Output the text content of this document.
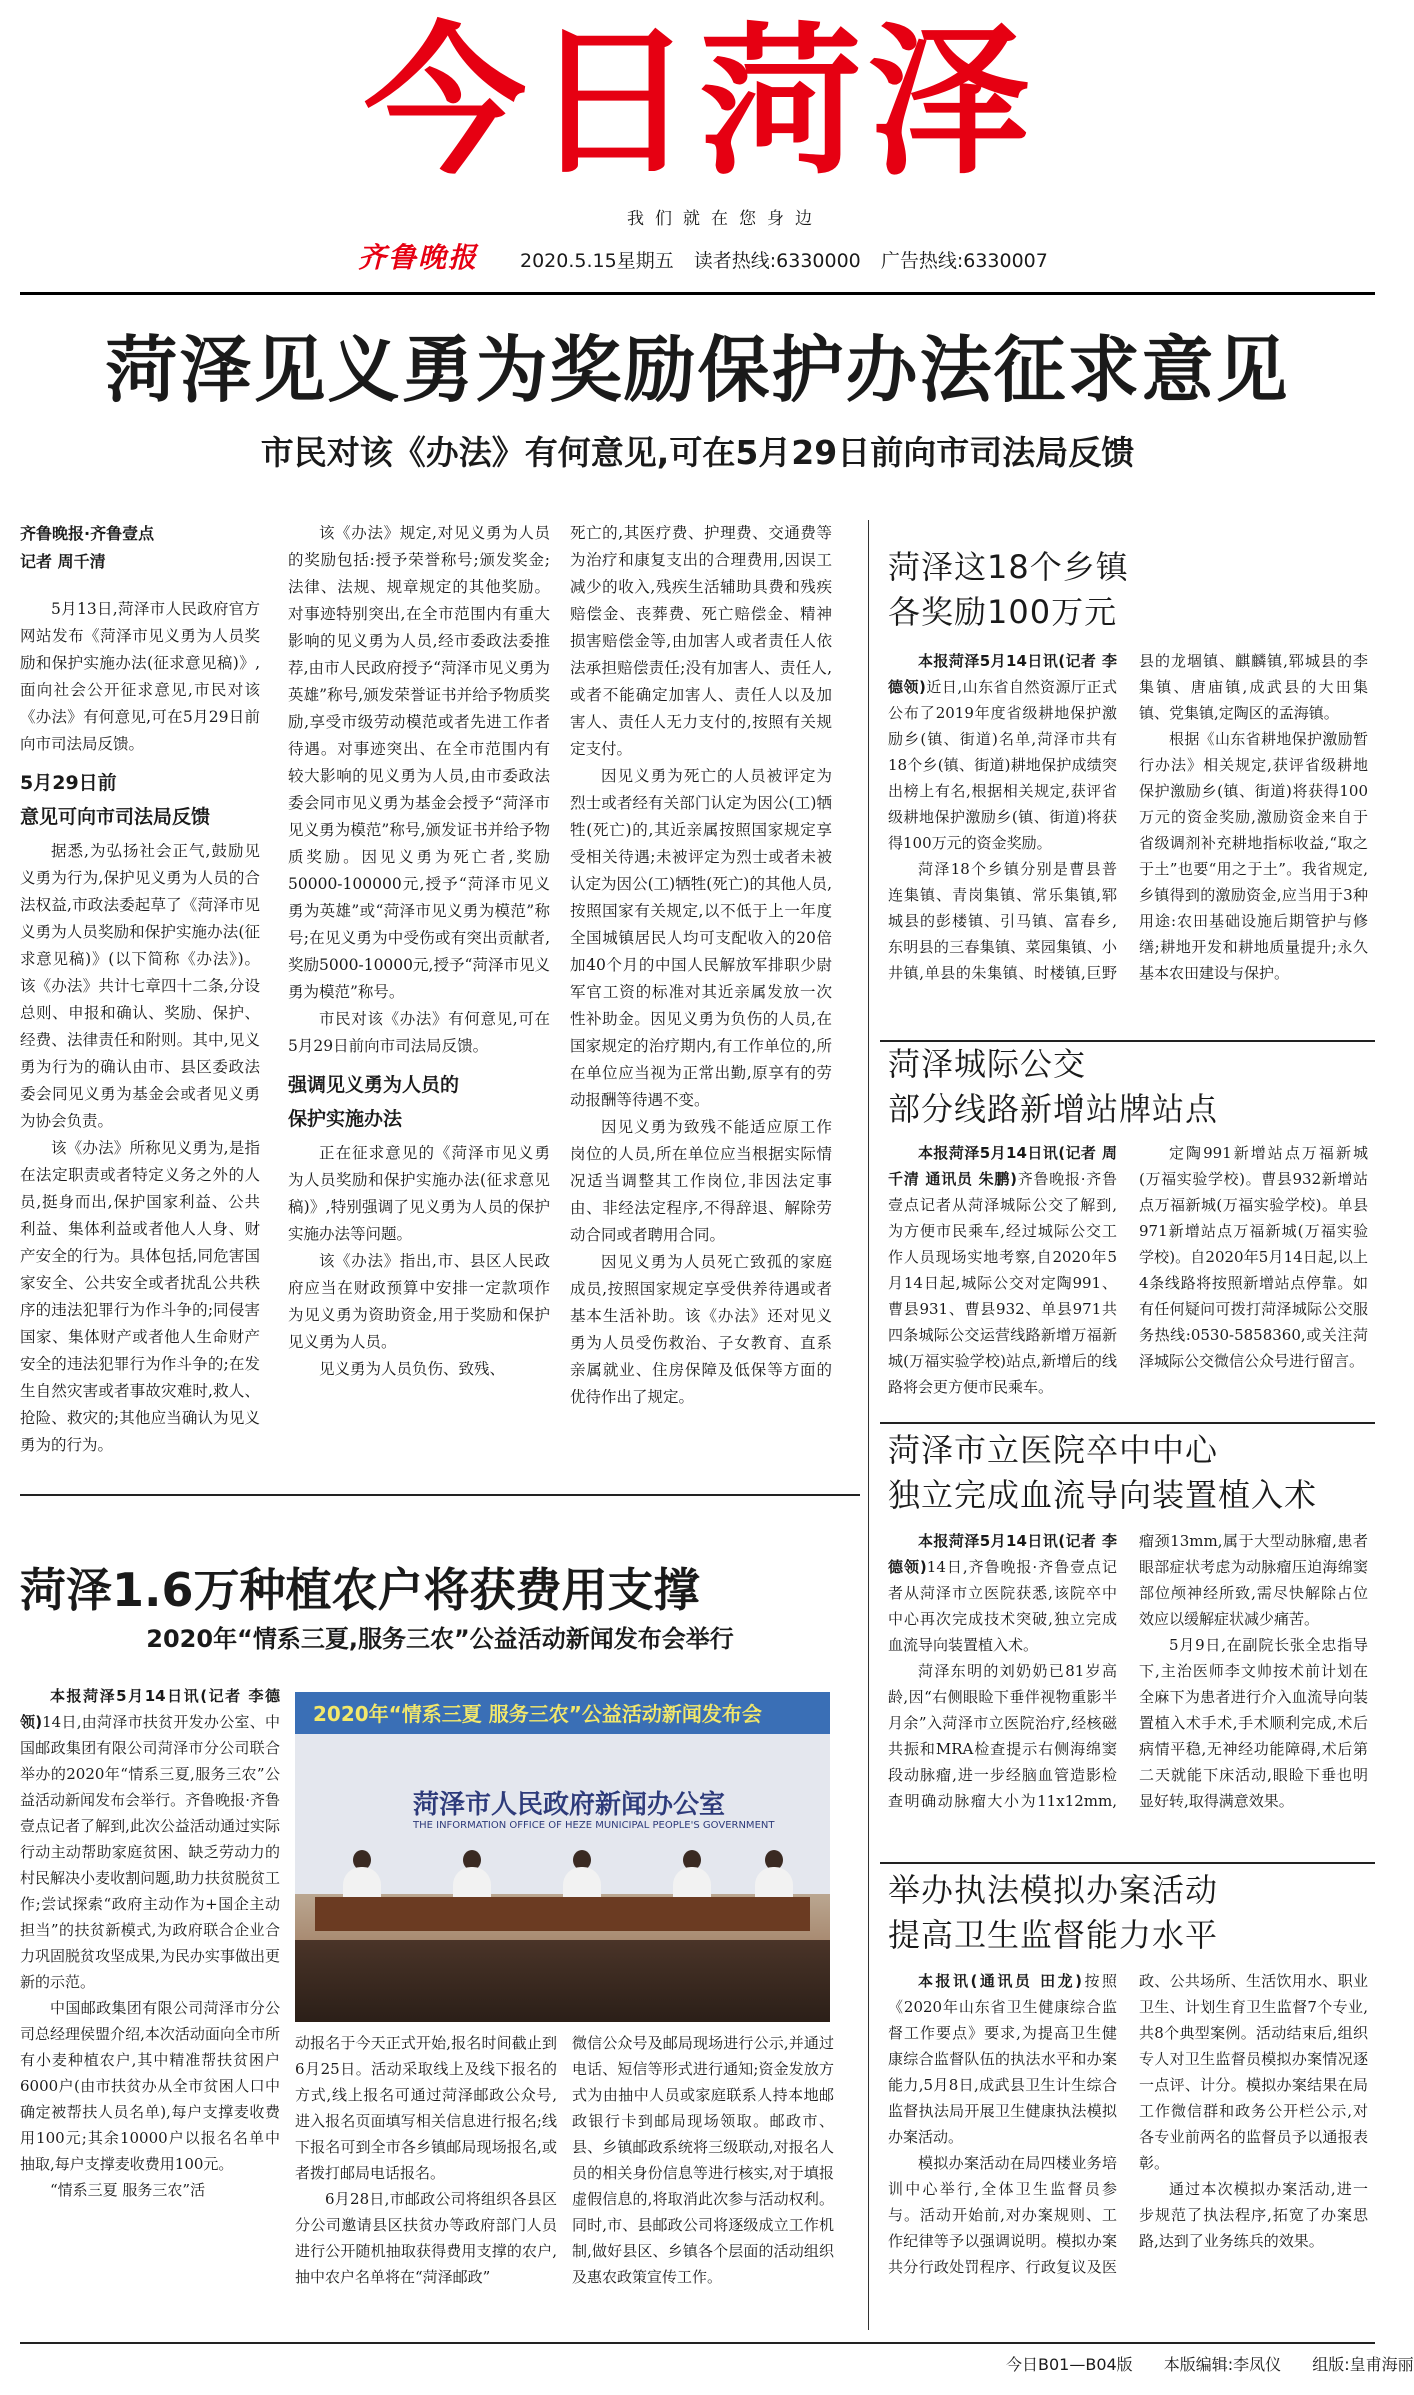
今日菏泽
我们就在您身边
齐鲁晚报 2020.5.15星期五 读者热线:6330000 广告热线:6330007
菏泽见义勇为奖励保护办法征求意见
市民对该《办法》有何意见,可在5月29日前向市司法局反馈
齐鲁晚报·齐鲁壹点
记者 周千清

5月13日,菏泽市人民政府官方网站发布《菏泽市见义勇为人员奖励和保护实施办法(征求意见稿)》,面向社会公开征求意见,市民对该《办法》有何意见,可在5月29日前向市司法局反馈。

5月29日前
意见可向市司法局反馈

据悉,为弘扬社会正气,鼓励见义勇为行为,保护见义勇为人员的合法权益,市政法委起草了《菏泽市见义勇为人员奖励和保护实施办法(征求意见稿)》(以下简称《办法》)。该《办法》共计七章四十二条,分设总则、申报和确认、奖励、保护、经费、法律责任和附则。其中,见义勇为行为的确认由市、县区委政法委会同见义勇为基金会或者见义勇为协会负责。

该《办法》所称见义勇为,是指在法定职责或者特定义务之外的人员,挺身而出,保护国家利益、公共利益、集体利益或者他人人身、财产安全的行为。具体包括,同危害国家安全、公共安全或者扰乱公共秩序的违法犯罪行为作斗争的;同侵害国家、集体财产或者他人生命财产安全的违法犯罪行为作斗争的;在发生自然灾害或者事故灾难时,救人、抢险、救灾的;其他应当确认为见义勇为的行为。

该《办法》规定,对见义勇为人员的奖励包括:授予荣誉称号;颁发奖金;法律、法规、规章规定的其他奖励。对事迹特别突出,在全市范围内有重大影响的见义勇为人员,经市委政法委推荐,由市人民政府授予“菏泽市见义勇为英雄”称号,颁发荣誉证书并给予物质奖励,享受市级劳动模范或者先进工作者待遇。对事迹突出、在全市范围内有较大影响的见义勇为人员,由市委政法委会同市见义勇为基金会授予“菏泽市见义勇为模范”称号,颁发证书并给予物质奖励。因见义勇为死亡者,奖励50000-100000元,授予“菏泽市见义勇为英雄”或“菏泽市见义勇为模范”称号;在见义勇为中受伤或有突出贡献者,奖励5000-10000元,授予“菏泽市见义勇为模范”称号。

市民对该《办法》有何意见,可在5月29日前向市司法局反馈。

强调见义勇为人员的
保护实施办法

正在征求意见的《菏泽市见义勇为人员奖励和保护实施办法(征求意见稿)》,特别强调了见义勇为人员的保护实施办法等问题。

该《办法》指出,市、县区人民政府应当在财政预算中安排一定款项作为见义勇为资助资金,用于奖励和保护见义勇为人员。

见义勇为人员负伤、致残、

死亡的,其医疗费、护理费、交通费等为治疗和康复支出的合理费用,因误工减少的收入,残疾生活辅助具费和残疾赔偿金、丧葬费、死亡赔偿金、精神损害赔偿金等,由加害人或者责任人依法承担赔偿责任;没有加害人、责任人,或者不能确定加害人、责任人以及加害人、责任人无力支付的,按照有关规定支付。

因见义勇为死亡的人员被评定为烈士或者经有关部门认定为因公(工)牺牲(死亡)的,其近亲属按照国家规定享受相关待遇;未被评定为烈士或者未被认定为因公(工)牺牲(死亡)的其他人员,按照国家有关规定,以不低于上一年度全国城镇居民人均可支配收入的20倍加40个月的中国人民解放军排职少尉军官工资的标准对其近亲属发放一次性补助金。因见义勇为负伤的人员,在国家规定的治疗期内,有工作单位的,所在单位应当视为正常出勤,原享有的劳动报酬等待遇不变。

因见义勇为致残不能适应原工作岗位的人员,所在单位应当根据实际情况适当调整其工作岗位,非因法定事由、非经法定程序,不得辞退、解除劳动合同或者聘用合同。

因见义勇为人员死亡致孤的家庭成员,按照国家规定享受供养待遇或者基本生活补助。该《办法》还对见义勇为人员受伤救治、子女教育、直系亲属就业、住房保障及低保等方面的优待作出了规定。

菏泽这18个乡镇
各奖励100万元

本报菏泽5月14日讯(记者 李德领)近日,山东省自然资源厅正式公布了2019年度省级耕地保护激励乡(镇、街道)名单,菏泽市共有18个乡(镇、街道)耕地保护成绩突出榜上有名,根据相关规定,获评省级耕地保护激励乡(镇、街道)将获得100万元的资金奖励。

菏泽18个乡镇分别是曹县普连集镇、青岗集镇、常乐集镇,郓城县的彭楼镇、引马镇、富春乡,东明县的三春集镇、菜园集镇、小井镇,单县的朱集镇、时楼镇,巨野县的龙堌镇、麒麟镇,郓城县的李集镇、唐庙镇,成武县的大田集镇、党集镇,定陶区的孟海镇。

根据《山东省耕地保护激励暂行办法》相关规定,获评省级耕地保护激励乡(镇、街道)将获得100万元的资金奖励,激励资金来自于省级调剂补充耕地指标收益,“取之于土”也要“用之于土”。我省规定,乡镇得到的激励资金,应当用于3种用途:农田基础设施后期管护与修缮;耕地开发和耕地质量提升;永久基本农田建设与保护。

菏泽城际公交
部分线路新增站牌站点

本报菏泽5月14日讯(记者 周千清 通讯员 朱鹏)齐鲁晚报·齐鲁壹点记者从菏泽城际公交了解到,为方便市民乘车,经过城际公交工作人员现场实地考察,自2020年5月14日起,城际公交对定陶991、曹县931、曹县932、单县971共四条城际公交运营线路新增万福新城(万福实验学校)站点,新增后的线路将会更方便市民乘车。

定陶991新增站点万福新城(万福实验学校)。曹县932新增站点万福新城(万福实验学校)。单县971新增站点万福新城(万福实验学校)。自2020年5月14日起,以上4条线路将按照新增站点停靠。如有任何疑问可拨打菏泽城际公交服务热线:0530-5858360,或关注菏泽城际公交微信公众号进行留言。

菏泽市立医院卒中中心
独立完成血流导向装置植入术

本报菏泽5月14日讯(记者 李德领)14日,齐鲁晚报·齐鲁壹点记者从菏泽市立医院获悉,该院卒中中心再次完成技术突破,独立完成血流导向装置植入术。

菏泽东明的刘奶奶已81岁高龄,因“右侧眼睑下垂伴视物重影半月余”入菏泽市立医院治疗,经核磁共振和MRA检查提示右侧海绵窦段动脉瘤,进一步经脑血管造影检查明确动脉瘤大小为11x12mm,瘤颈13mm,属于大型动脉瘤,患者眼部症状考虑为动脉瘤压迫海绵窦部位颅神经所致,需尽快解除占位效应以缓解症状减少痛苦。

5月9日,在副院长张全忠指导下,主治医师李文帅按术前计划在全麻下为患者进行介入血流导向装置植入术手术,手术顺利完成,术后病情平稳,无神经功能障碍,术后第二天就能下床活动,眼睑下垂也明显好转,取得满意效果。

举办执法模拟办案活动
提高卫生监督能力水平

本报讯(通讯员 田龙)按照《2020年山东省卫生健康综合监督工作要点》要求,为提高卫生健康综合监督队伍的执法水平和办案能力,5月8日,成武县卫生计生综合监督执法局开展卫生健康执法模拟办案活动。

模拟办案活动在局四楼业务培训中心举行,全体卫生监督员参与。活动开始前,对办案规则、工作纪律等予以强调说明。模拟办案共分行政处罚程序、行政复议及医政、公共场所、生活饮用水、职业卫生、计划生育卫生监督7个专业,共8个典型案例。活动结束后,组织专人对卫生监督员模拟办案情况逐一点评、计分。模拟办案结果在局工作微信群和政务公开栏公示,对各专业前两名的监督员予以通报表彰。

通过本次模拟办案活动,进一步规范了执法程序,拓宽了办案思路,达到了业务练兵的效果。

菏泽1.6万种植农户将获费用支撑
2020年“情系三夏,服务三农”公益活动新闻发布会举行

本报菏泽5月14日讯(记者 李德领)14日,由菏泽市扶贫开发办公室、中国邮政集团有限公司菏泽市分公司联合举办的2020年“情系三夏,服务三农”公益活动新闻发布会举行。齐鲁晚报·齐鲁壹点记者了解到,此次公益活动通过实际行动主动帮助家庭贫困、缺乏劳动力的村民解决小麦收割问题,助力扶贫脱贫工作;尝试探索“政府主动作为+国企主动担当”的扶贫新模式,为政府联合企业合力巩固脱贫攻坚成果,为民办实事做出更新的示范。

中国邮政集团有限公司菏泽市分公司总经理侯盟介绍,本次活动面向全市所有小麦种植农户,其中精准帮扶贫困户6000户(由市扶贫办从全市贫困人口中确定被帮扶人员名单),每户支撑麦收费用100元;其余10000户以报名名单中抽取,每户支撑麦收费用100元。

“情系三夏 服务三农”活

2020年“情系三夏 服务三农”公益活动新闻发布会
菏泽市人民政府新闻办公室
THE INFORMATION OFFICE OF HEZE MUNICIPAL PEOPLE'S GOVERNMENT

动报名于今天正式开始,报名时间截止到6月25日。活动采取线上及线下报名的方式,线上报名可通过菏泽邮政公众号,进入报名页面填写相关信息进行报名;线下报名可到全市各乡镇邮局现场报名,或者拨打邮局电话报名。

6月28日,市邮政公司将组织各县区分公司邀请县区扶贫办等政府部门人员进行公开随机抽取获得费用支撑的农户,抽中农户名单将在“菏泽邮政”

微信公众号及邮局现场进行公示,并通过电话、短信等形式进行通知;资金发放方式为由抽中人员或家庭联系人持本地邮政银行卡到邮局现场领取。邮政市、县、乡镇邮政系统将三级联动,对报名人员的相关身份信息等进行核实,对于填报虚假信息的,将取消此次参与活动权利。同时,市、县邮政公司将逐级成立工作机制,做好县区、乡镇各个层面的活动组织及惠农政策宣传工作。

今日B01—B04版 本版编辑:李凤仪 组版:皇甫海丽
